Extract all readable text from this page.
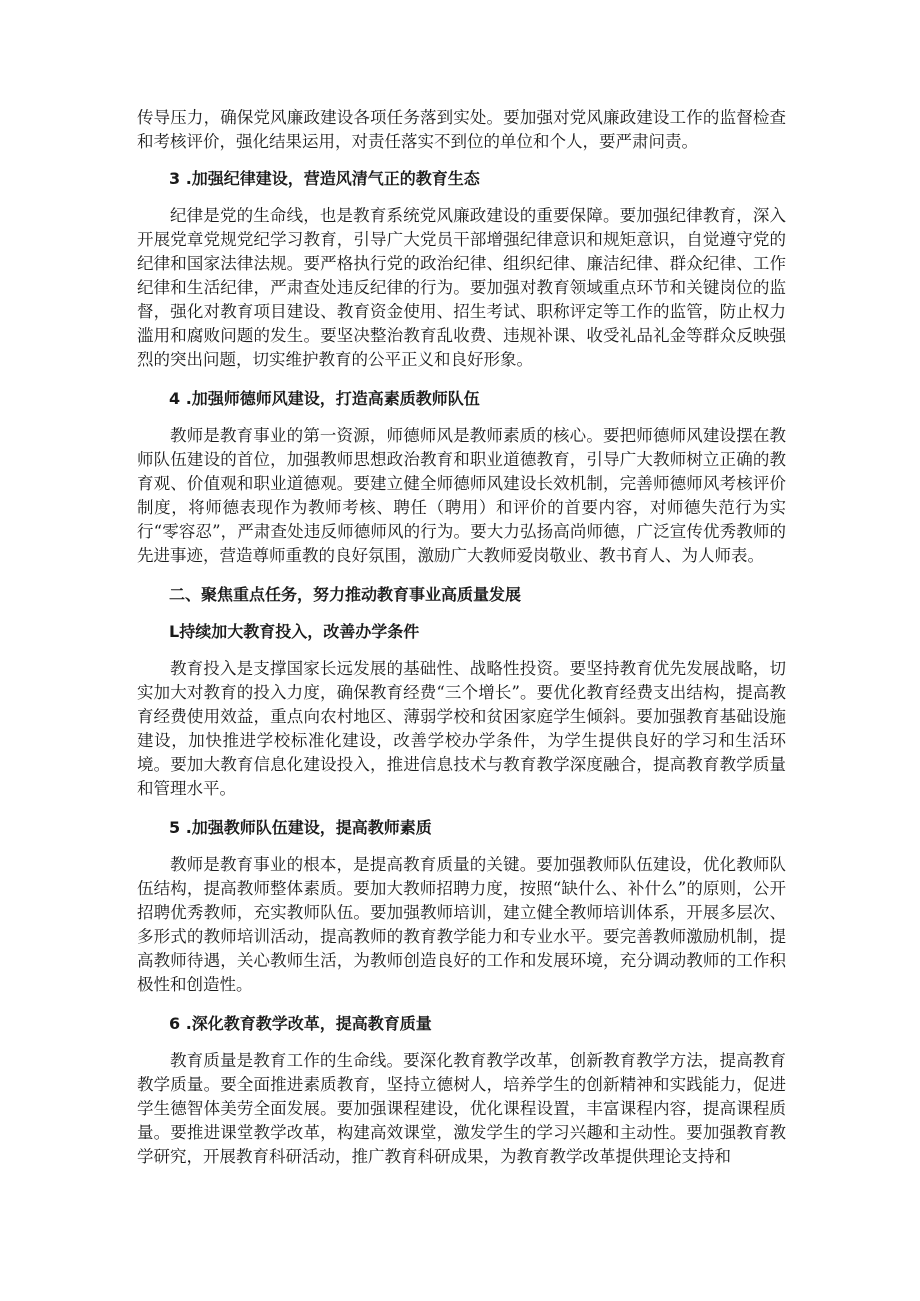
传导压力，确保党风廉政建设各项任务落到实处。要加强对党风廉政建设工作的监督检查和考核评价，强化结果运用，对责任落实不到位的单位和个人，要严肃问责。

3 .加强纪律建设，营造风清气正的教育生态

纪律是党的生命线，也是教育系统党风廉政建设的重要保障。要加强纪律教育，深入开展党章党规党纪学习教育，引导广大党员干部增强纪律意识和规矩意识，自觉遵守党的纪律和国家法律法规。要严格执行党的政治纪律、组织纪律、廉洁纪律、群众纪律、工作纪律和生活纪律，严肃查处违反纪律的行为。要加强对教育领域重点环节和关键岗位的监督，强化对教育项目建设、教育资金使用、招生考试、职称评定等工作的监管，防止权力滥用和腐败问题的发生。要坚决整治教育乱收费、违规补课、收受礼品礼金等群众反映强烈的突出问题，切实维护教育的公平正义和良好形象。

4 .加强师德师风建设，打造高素质教师队伍

教师是教育事业的第一资源，师德师风是教师素质的核心。要把师德师风建设摆在教师队伍建设的首位，加强教师思想政治教育和职业道德教育，引导广大教师树立正确的教育观、价值观和职业道德观。要建立健全师德师风建设长效机制，完善师德师风考核评价制度，将师德表现作为教师考核、聘任（聘用）和评价的首要内容，对师德失范行为实行“零容忍”，严肃查处违反师德师风的行为。要大力弘扬高尚师德，广泛宣传优秀教师的先进事迹，营造尊师重教的良好氛围，激励广大教师爱岗敬业、教书育人、为人师表。

二、聚焦重点任务，努力推动教育事业高质量发展

L持续加大教育投入，改善办学条件

教育投入是支撑国家长远发展的基础性、战略性投资。要坚持教育优先发展战略，切实加大对教育的投入力度，确保教育经费“三个增长”。要优化教育经费支出结构，提高教育经费使用效益，重点向农村地区、薄弱学校和贫困家庭学生倾斜。要加强教育基础设施建设，加快推进学校标准化建设，改善学校办学条件，为学生提供良好的学习和生活环境。要加大教育信息化建设投入，推进信息技术与教育教学深度融合，提高教育教学质量和管理水平。

5 .加强教师队伍建设，提高教师素质

教师是教育事业的根本，是提高教育质量的关键。要加强教师队伍建设，优化教师队伍结构，提高教师整体素质。要加大教师招聘力度，按照“缺什么、补什么”的原则，公开招聘优秀教师，充实教师队伍。要加强教师培训，建立健全教师培训体系，开展多层次、多形式的教师培训活动，提高教师的教育教学能力和专业水平。要完善教师激励机制，提高教师待遇，关心教师生活，为教师创造良好的工作和发展环境，充分调动教师的工作积极性和创造性。

6 .深化教育教学改革，提高教育质量

教育质量是教育工作的生命线。要深化教育教学改革，创新教育教学方法，提高教育教学质量。要全面推进素质教育，坚持立德树人，培养学生的创新精神和实践能力，促进学生德智体美劳全面发展。要加强课程建设，优化课程设置，丰富课程内容，提高课程质量。要推进课堂教学改革，构建高效课堂，激发学生的学习兴趣和主动性。要加强教育教学研究，开展教育科研活动，推广教育科研成果，为教育教学改革提供理论支持和
